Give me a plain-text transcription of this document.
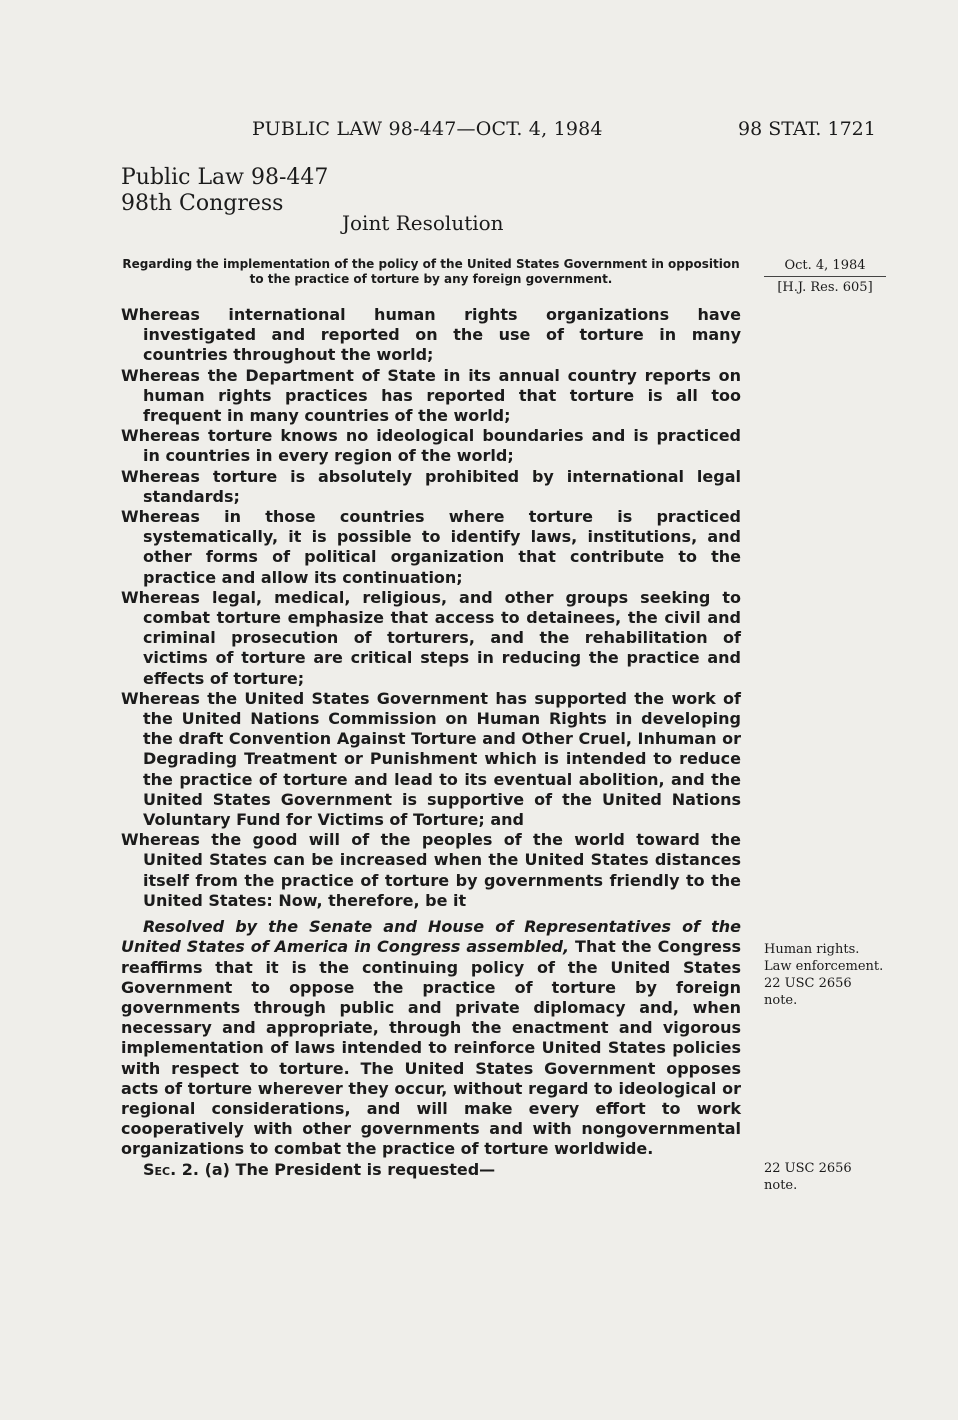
PUBLIC LAW 98-447—OCT. 4, 1984	98 STAT. 1721
Public Law 98-447
98th Congress
Joint Resolution
Regarding the implementation of the policy of the United States Government in opposition to the practice of torture by any foreign government.
Oct. 4, 1984
[H.J. Res. 605]

Whereas international human rights organizations have investigated and reported on the use of torture in many countries throughout the world;

Whereas the Department of State in its annual country reports on human rights practices has reported that torture is all too frequent in many countries of the world;

Whereas torture knows no ideological boundaries and is practiced in countries in every region of the world;

Whereas torture is absolutely prohibited by international legal standards;

Whereas in those countries where torture is practiced systematically, it is possible to identify laws, institutions, and other forms of political organization that contribute to the practice and allow its continuation;

Whereas legal, medical, religious, and other groups seeking to combat torture emphasize that access to detainees, the civil and criminal prosecution of torturers, and the rehabilitation of victims of torture are critical steps in reducing the practice and effects of torture;

Whereas the United States Government has supported the work of the United Nations Commission on Human Rights in developing the draft Convention Against Torture and Other Cruel, Inhuman or Degrading Treatment or Punishment which is intended to reduce the practice of torture and lead to its eventual abolition, and the United States Government is supportive of the United Nations Voluntary Fund for Victims of Torture; and

Whereas the good will of the peoples of the world toward the United States can be increased when the United States distances itself from the practice of torture by governments friendly to the United States: Now, therefore, be it

Resolved by the Senate and House of Representatives of the United States of America in Congress assembled, That the Congress reaffirms that it is the continuing policy of the United States Government to oppose the practice of torture by foreign governments through public and private diplomacy and, when necessary and appropriate, through the enactment and vigorous implementation of laws intended to reinforce United States policies with respect to torture. The United States Government opposes acts of torture wherever they occur, without regard to ideological or regional considerations, and will make every effort to work cooperatively with other governments and with nongovernmental organizations to combat the practice of torture worldwide.

Sec. 2. (a) The President is requested—

Human rights.
Law enforcement.
22 USC 2656 note.
22 USC 2656 note.
